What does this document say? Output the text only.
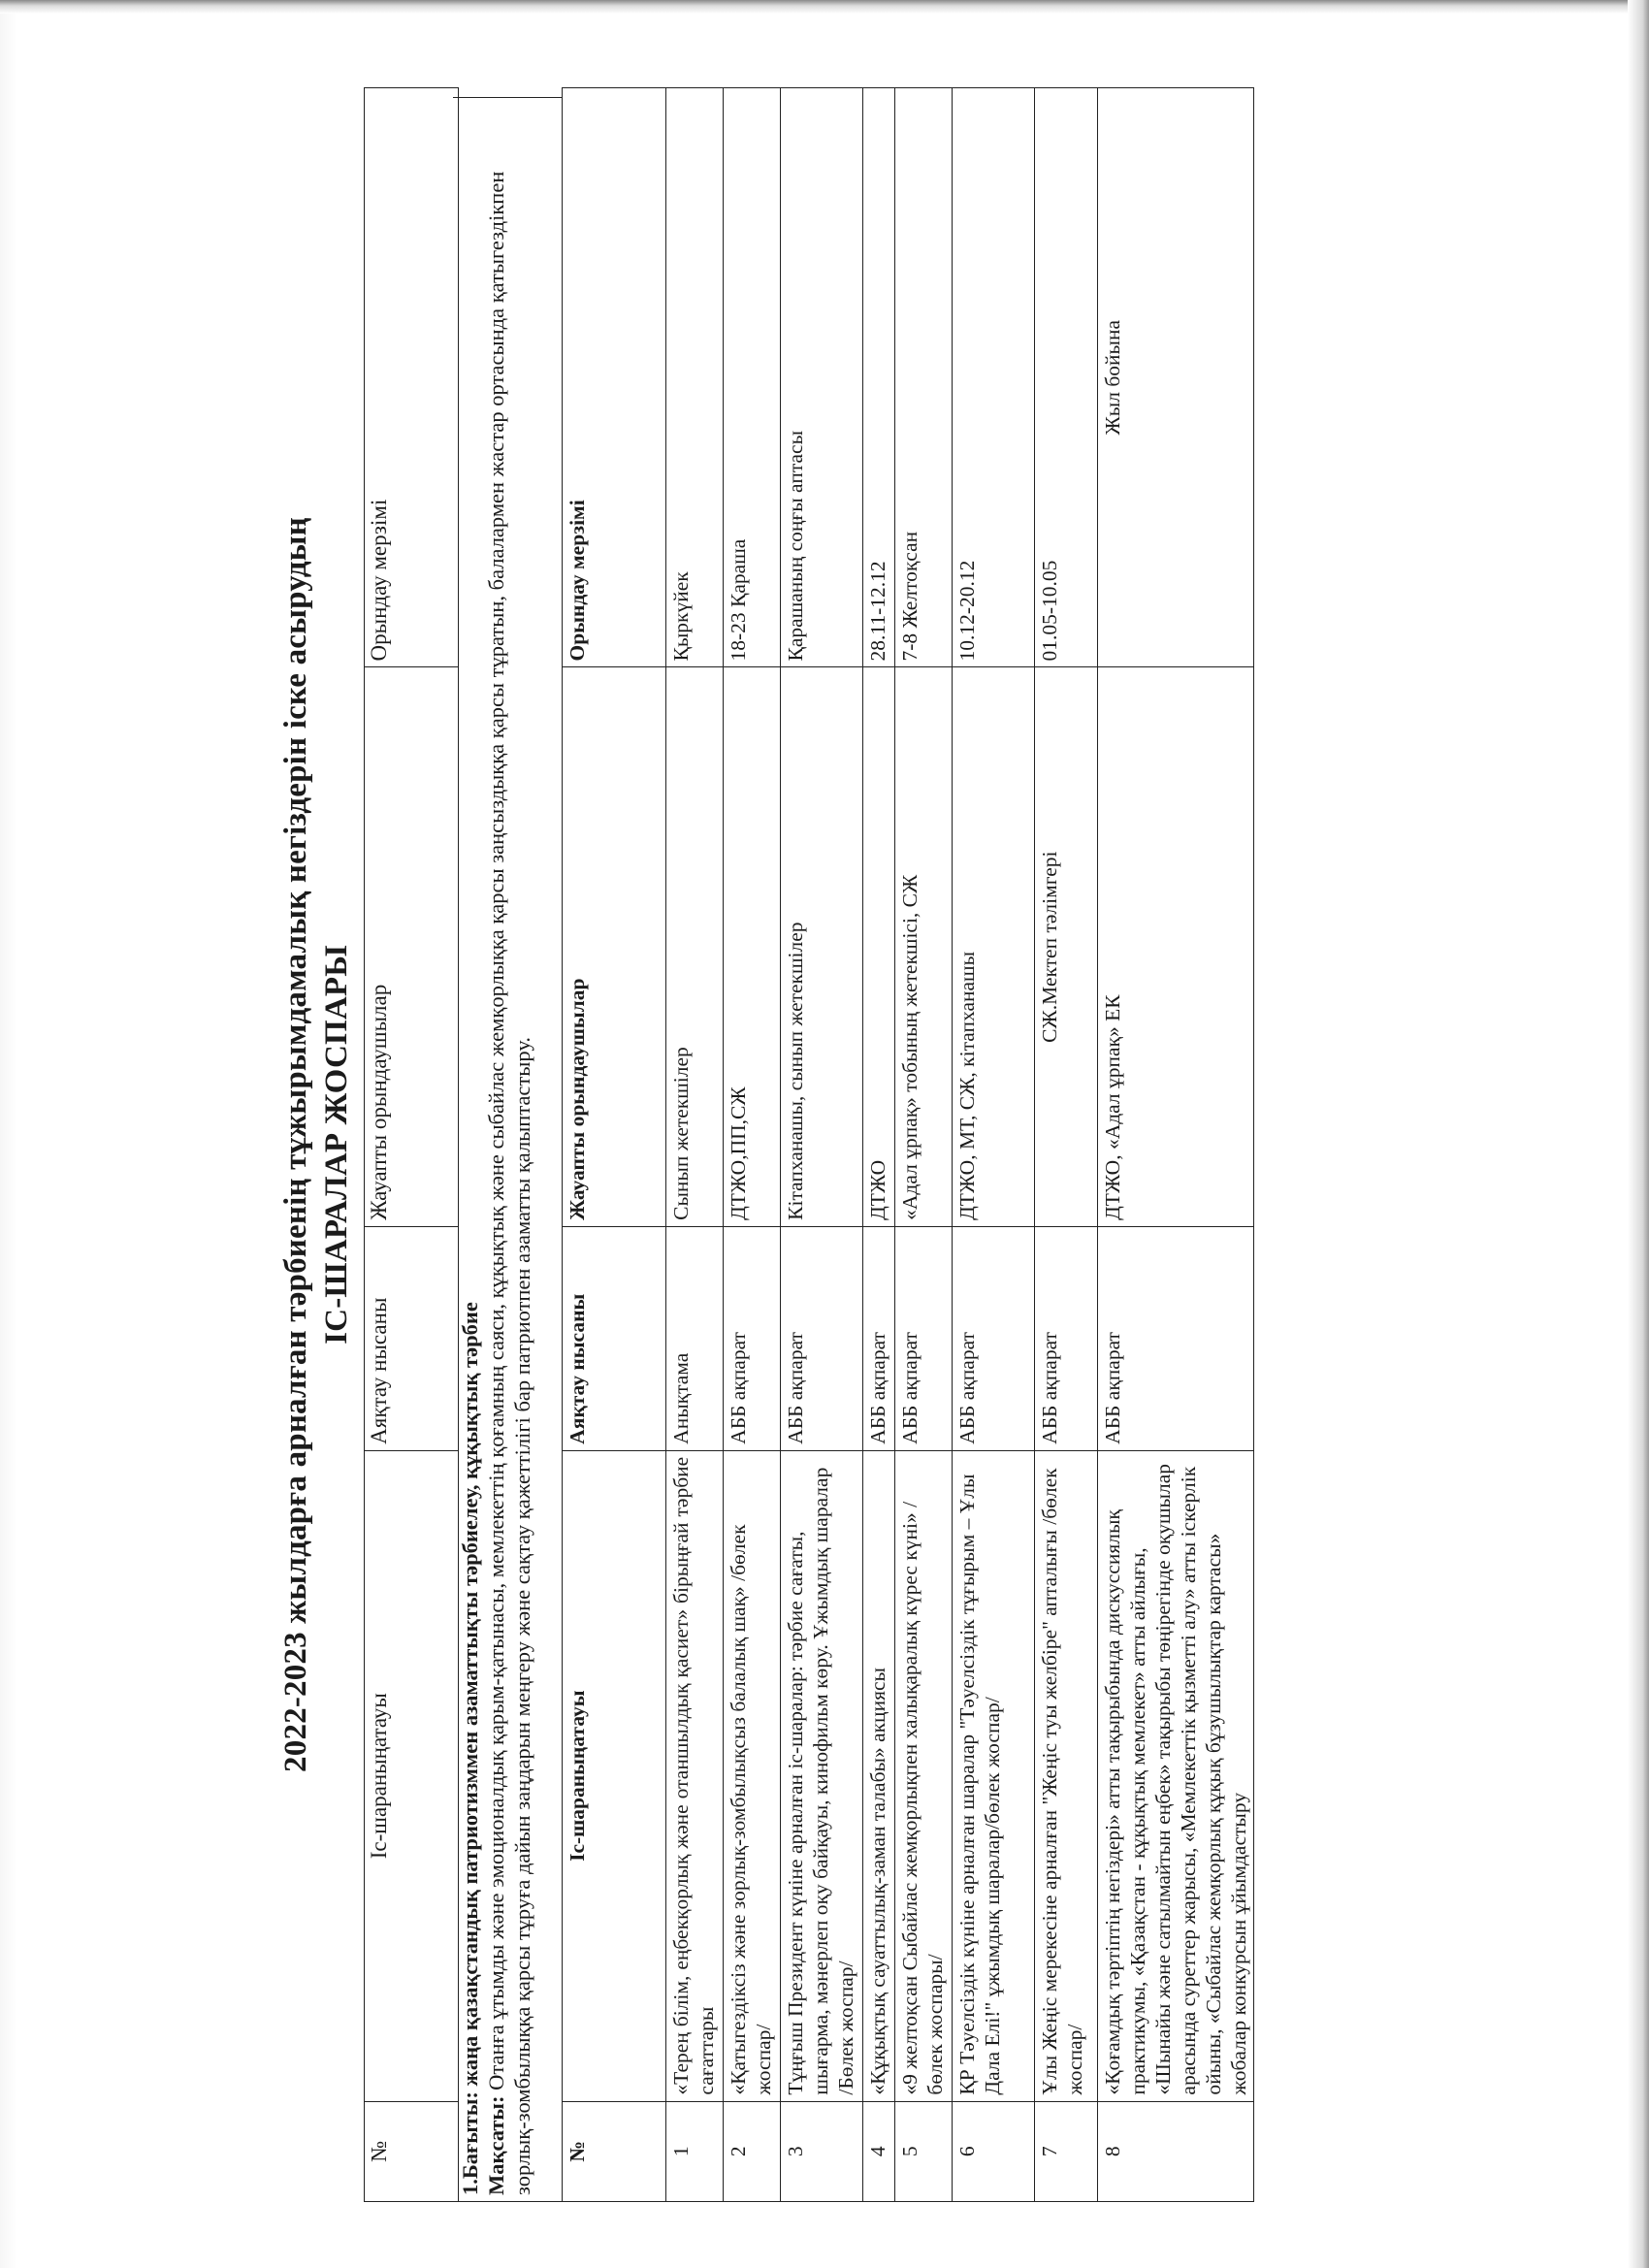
2022-2023 жылдарға арналған тәрбиенің тұжырымдамалық негіздерін іске асырудың ІС-ШАРАЛАР ЖОСПАРЫ
№	Іс-шараныңатауы	Аяқтау нысаны	Жауапты орындаушылар	Орындау мерзімі
1.Бағыты: жаңа қазақстандық патриотизммен азаматтықты тәрбиелеу, құқықтық тәрбие
Мақсаты: Отанға ұтымды және эмоционалдық қарым-қатынасы, мемлекеттің қоғамның саяси, құқықтық және сыбайлас жемқорлыққа қарсы заңсыздыққа қарсы тұратын, балалармен жастар ортасында қатыгездікпен зорлық-зомбылыққа қарсы тұруға дайын заңдарын меңгеру және сақтау қажеттілігі бар патриотпен азаматты қалыптастыру.	№	Іс-шараныңатауы	Аяқтау нысаны	Жауапты орындаушылар	Орындау мерзімі
1	«Терең білім, еңбекқорлық және отаншылдық қасиет» бірыңғай тәрбие сағаттары	Анықтама	Сынып жетекшілер	Қыркүйек
2	«Қатыгездіксіз және зорлық-зомбылықсыз балалық шақ» /бөлек жоспар/	АББ ақпарат	ДТЖО,ПП,СЖ	18-23 Қараша
3	Тұңғыш Президент күніне арналған іс-шаралар: тәрбие сағаты, шығарма, мәнерлеп оқу байқауы, кинофильм көру. Ұжымдық шаралар /Бөлек жоспар/	АББ ақпарат	Кітапханашы, сынып жетекшілер	Қарашаның соңғы аптасы
4	«Құқықтық сауаттылық-заман талабы» акциясы	АББ ақпарат	ДТЖО	28.11-12.12
5	«9 желтоқсан Сыбайлас жемқорлықпен халықаралық күрес күні» /бөлек жоспары/	АББ ақпарат	«Адал ұрпақ» тобының жетекшісі, СЖ	7-8 Желтоқсан
6	ҚР Тәуелсіздік күніне арналған шаралар "Тәуелсіздік тұғырым – Ұлы Дала Елі!" ұжымдық шаралар/бөлек жоспар/	АББ ақпарат	ДТЖО, МТ, СЖ, кітапханашы	10.12-20.12
7	Ұлы Жеңіс мерекесіне арналған "Жеңіс туы желбіре" апталығы /бөлек жоспар/	АББ ақпарат	СЖ.Мектеп тәлімгері	01.05-10.05
8	«Қоғамдық тәртіптің негіздері» атты тақырыбында дискуссиялық практикумы, «Қазақстан - құқықтық мемлекет» атты айлығы, «Шынайы және сатылмайтын еңбек» тақырыбы төңірегінде оқушылар арасында суреттер жарысы, «Мемлекеттік қызметті алу» атты іскерлік ойыны, «Сыбайлас жемқорлық құқық бұзушылықтар картасы» жобалар конкурсын ұйымдастыру	АББ ақпарат	ДТЖО, «Адал ұрпақ» ЕК	Жыл бойына
